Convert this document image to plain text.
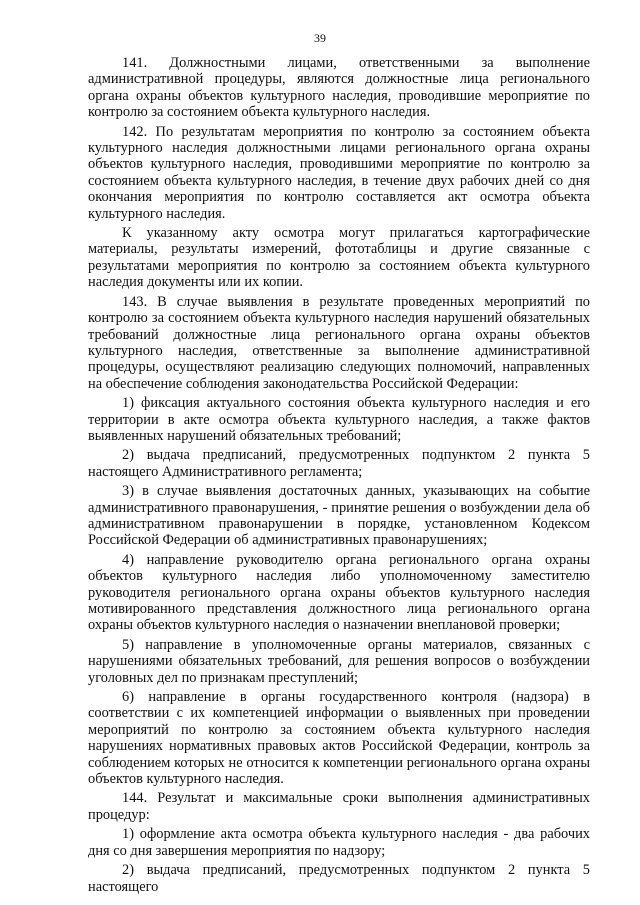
39

141. Должностными лицами, ответственными за выполнение административной процедуры, являются должностные лица регионального органа охраны объектов культурного наследия, проводившие мероприятие по контролю за состоянием объекта культурного наследия.

142. По результатам мероприятия по контролю за состоянием объекта культурного наследия должностными лицами регионального органа охраны объектов культурного наследия, проводившими мероприятие по контролю за состоянием объекта культурного наследия, в течение двух рабочих дней со дня окончания мероприятия по контролю составляется акт осмотра объекта культурного наследия.

К указанному акту осмотра могут прилагаться картографические материалы, результаты измерений, фототаблицы и другие связанные с результатами мероприятия по контролю за состоянием объекта культурного наследия документы или их копии.

143. В случае выявления в результате проведенных мероприятий по контролю за состоянием объекта культурного наследия нарушений обязательных требований должностные лица регионального органа охраны объектов культурного наследия, ответственные за выполнение административной процедуры, осуществляют реализацию следующих полномочий, направленных на обеспечение соблюдения законодательства Российской Федерации:

1) фиксация актуального состояния объекта культурного наследия и его территории в акте осмотра объекта культурного наследия, а также фактов выявленных нарушений обязательных требований;

2) выдача предписаний, предусмотренных подпунктом 2 пункта 5 настоящего Административного регламента;

3) в случае выявления достаточных данных, указывающих на событие административного правонарушения, - принятие решения о возбуждении дела об административном правонарушении в порядке, установленном Кодексом Российской Федерации об административных правонарушениях;

4) направление руководителю органа регионального органа охраны объектов культурного наследия либо уполномоченному заместителю руководителя регионального органа охраны объектов культурного наследия мотивированного представления должностного лица регионального органа охраны объектов культурного наследия о назначении внеплановой проверки;

5) направление в уполномоченные органы материалов, связанных с нарушениями обязательных требований, для решения вопросов о возбуждении уголовных дел по признакам преступлений;

6) направление в органы государственного контроля (надзора) в соответствии с их компетенцией информации о выявленных при проведении мероприятий по контролю за состоянием объекта культурного наследия нарушениях нормативных правовых актов Российской Федерации, контроль за соблюдением которых не относится к компетенции регионального органа охраны объектов культурного наследия.

144. Результат и максимальные сроки выполнения административных процедур:

1) оформление акта осмотра объекта культурного наследия - два рабочих дня со дня завершения мероприятия по надзору;

2) выдача предписаний, предусмотренных подпунктом 2 пункта 5 настоящего
